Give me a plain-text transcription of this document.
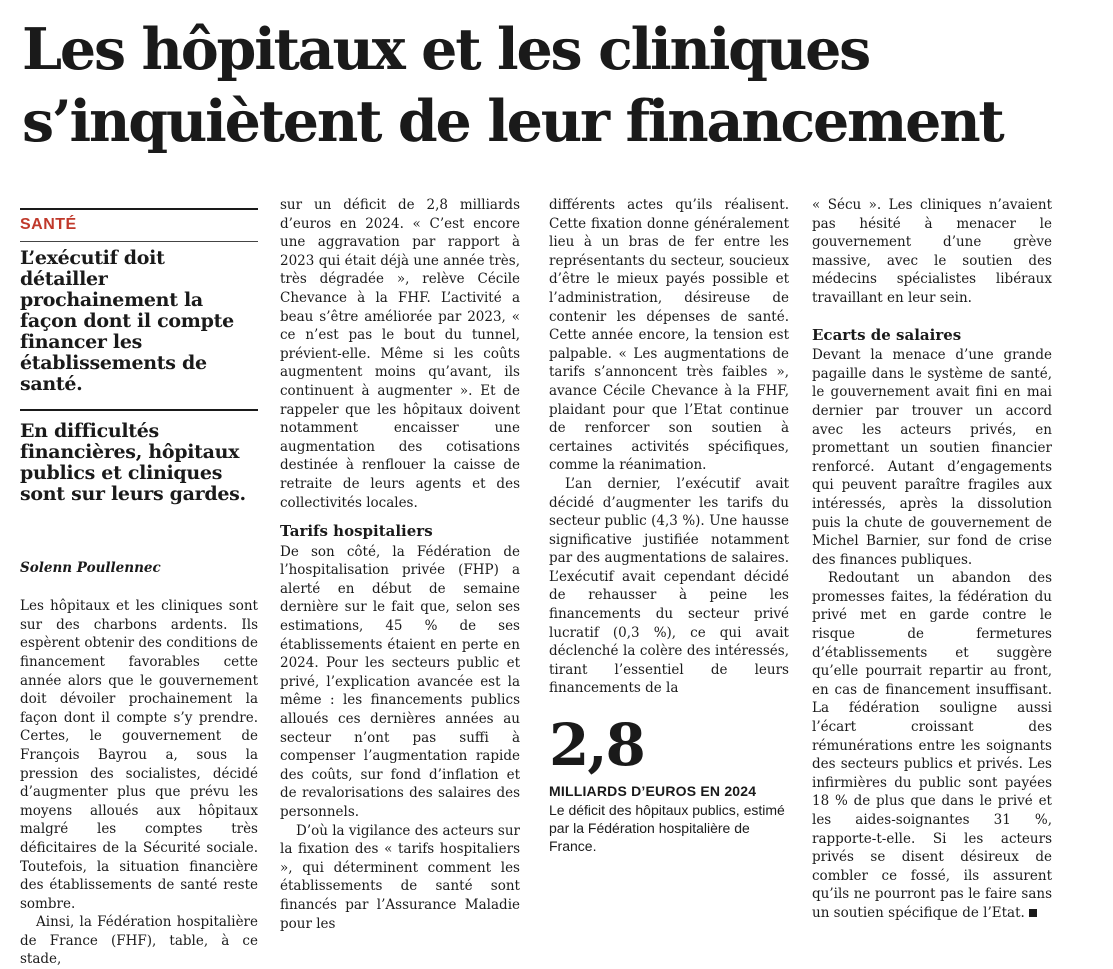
Les hôpitaux et les cliniques
s’inquiètent de leur financement
SANTÉ
L’exécutif doit détailler prochainement la façon dont il compte financer les établissements de santé.
En difficultés financières, hôpitaux publics et cliniques sont sur leurs gardes.
Solenn Poullennec

Les hôpitaux et les cliniques sont sur des charbons ardents. Ils espèrent obtenir des conditions de financement favorables cette année alors que le gouvernement doit dévoiler prochainement la façon dont il compte s’y prendre. Certes, le gouvernement de François Bayrou a, sous la pression des socialistes, décidé d’augmenter plus que prévu les moyens alloués aux hôpitaux malgré les comptes très déficitaires de la Sécurité sociale. Toutefois, la situation financière des établissements de santé reste sombre.

Ainsi, la Fédération hospitalière de France (FHF), table, à ce stade,

sur un déficit de 2,8 milliards d’euros en 2024. « C’est encore une aggravation par rapport à 2023 qui était déjà une année très, très dégradée », relève Cécile Chevance à la FHF. L’activité a beau s’être améliorée par 2023, « ce n’est pas le bout du tunnel, prévient-elle. Même si les coûts augmentent moins qu’avant, ils continuent à augmenter ». Et de rappeler que les hôpitaux doivent notamment encaisser une augmentation des cotisations destinée à renflouer la caisse de retraite de leurs agents et des collectivités locales.

Tarifs hospitaliers

De son côté, la Fédération de l’hospitalisation privée (FHP) a alerté en début de semaine dernière sur le fait que, selon ses estimations, 45 % de ses établissements étaient en perte en 2024. Pour les secteurs public et privé, l’explication avancée est la même : les financements publics alloués ces dernières années au secteur n’ont pas suffi à compenser l’augmentation rapide des coûts, sur fond d’inflation et de revalorisations des salaires des personnels.

D’où la vigilance des acteurs sur la fixation des « tarifs hospitaliers », qui déterminent comment les établissements de santé sont financés par l’Assurance Maladie pour les

différents actes qu’ils réalisent. Cette fixation donne généralement lieu à un bras de fer entre les représentants du secteur, soucieux d’être le mieux payés possible et l’administration, désireuse de contenir les dépenses de santé. Cette année encore, la tension est palpable. « Les augmentations de tarifs s’annoncent très faibles », avance Cécile Chevance à la FHF, plaidant pour que l’Etat continue de renforcer son soutien à certaines activités spécifiques, comme la réanimation.

L’an dernier, l’exécutif avait décidé d’augmenter les tarifs du secteur public (4,3 %). Une hausse significative justifiée notamment par des augmentations de salaires. L’exécutif avait cependant décidé de rehausser à peine les financements du secteur privé lucratif (0,3 %), ce qui avait déclenché la colère des intéressés, tirant l’essentiel de leurs financements de la

2,8
MILLIARDS D’EUROS EN 2024
Le déficit des hôpitaux publics, estimé par la Fédération hospitalière de France.

« Sécu ». Les cliniques n’avaient pas hésité à menacer le gouvernement d’une grève massive, avec le soutien des médecins spécialistes libéraux travaillant en leur sein.

Ecarts de salaires

Devant la menace d’une grande pagaille dans le système de santé, le gouvernement avait fini en mai dernier par trouver un accord avec les acteurs privés, en promettant un soutien financier renforcé. Autant d’engagements qui peuvent paraître fragiles aux intéressés, après la dissolution puis la chute de gouvernement de Michel Barnier, sur fond de crise des finances publiques.

Redoutant un abandon des promesses faites, la fédération du privé met en garde contre le risque de fermetures d’établissements et suggère qu’elle pourrait repartir au front, en cas de financement insuffisant. La fédération souligne aussi l’écart croissant des rémunérations entre les soignants des secteurs publics et privés. Les infirmières du public sont payées 18 % de plus que dans le privé et les aides-soignantes 31 %, rapporte-t-elle. Si les acteurs privés se disent désireux de combler ce fossé, ils assurent qu’ils ne pourront pas le faire sans un soutien spécifique de l’Etat.
